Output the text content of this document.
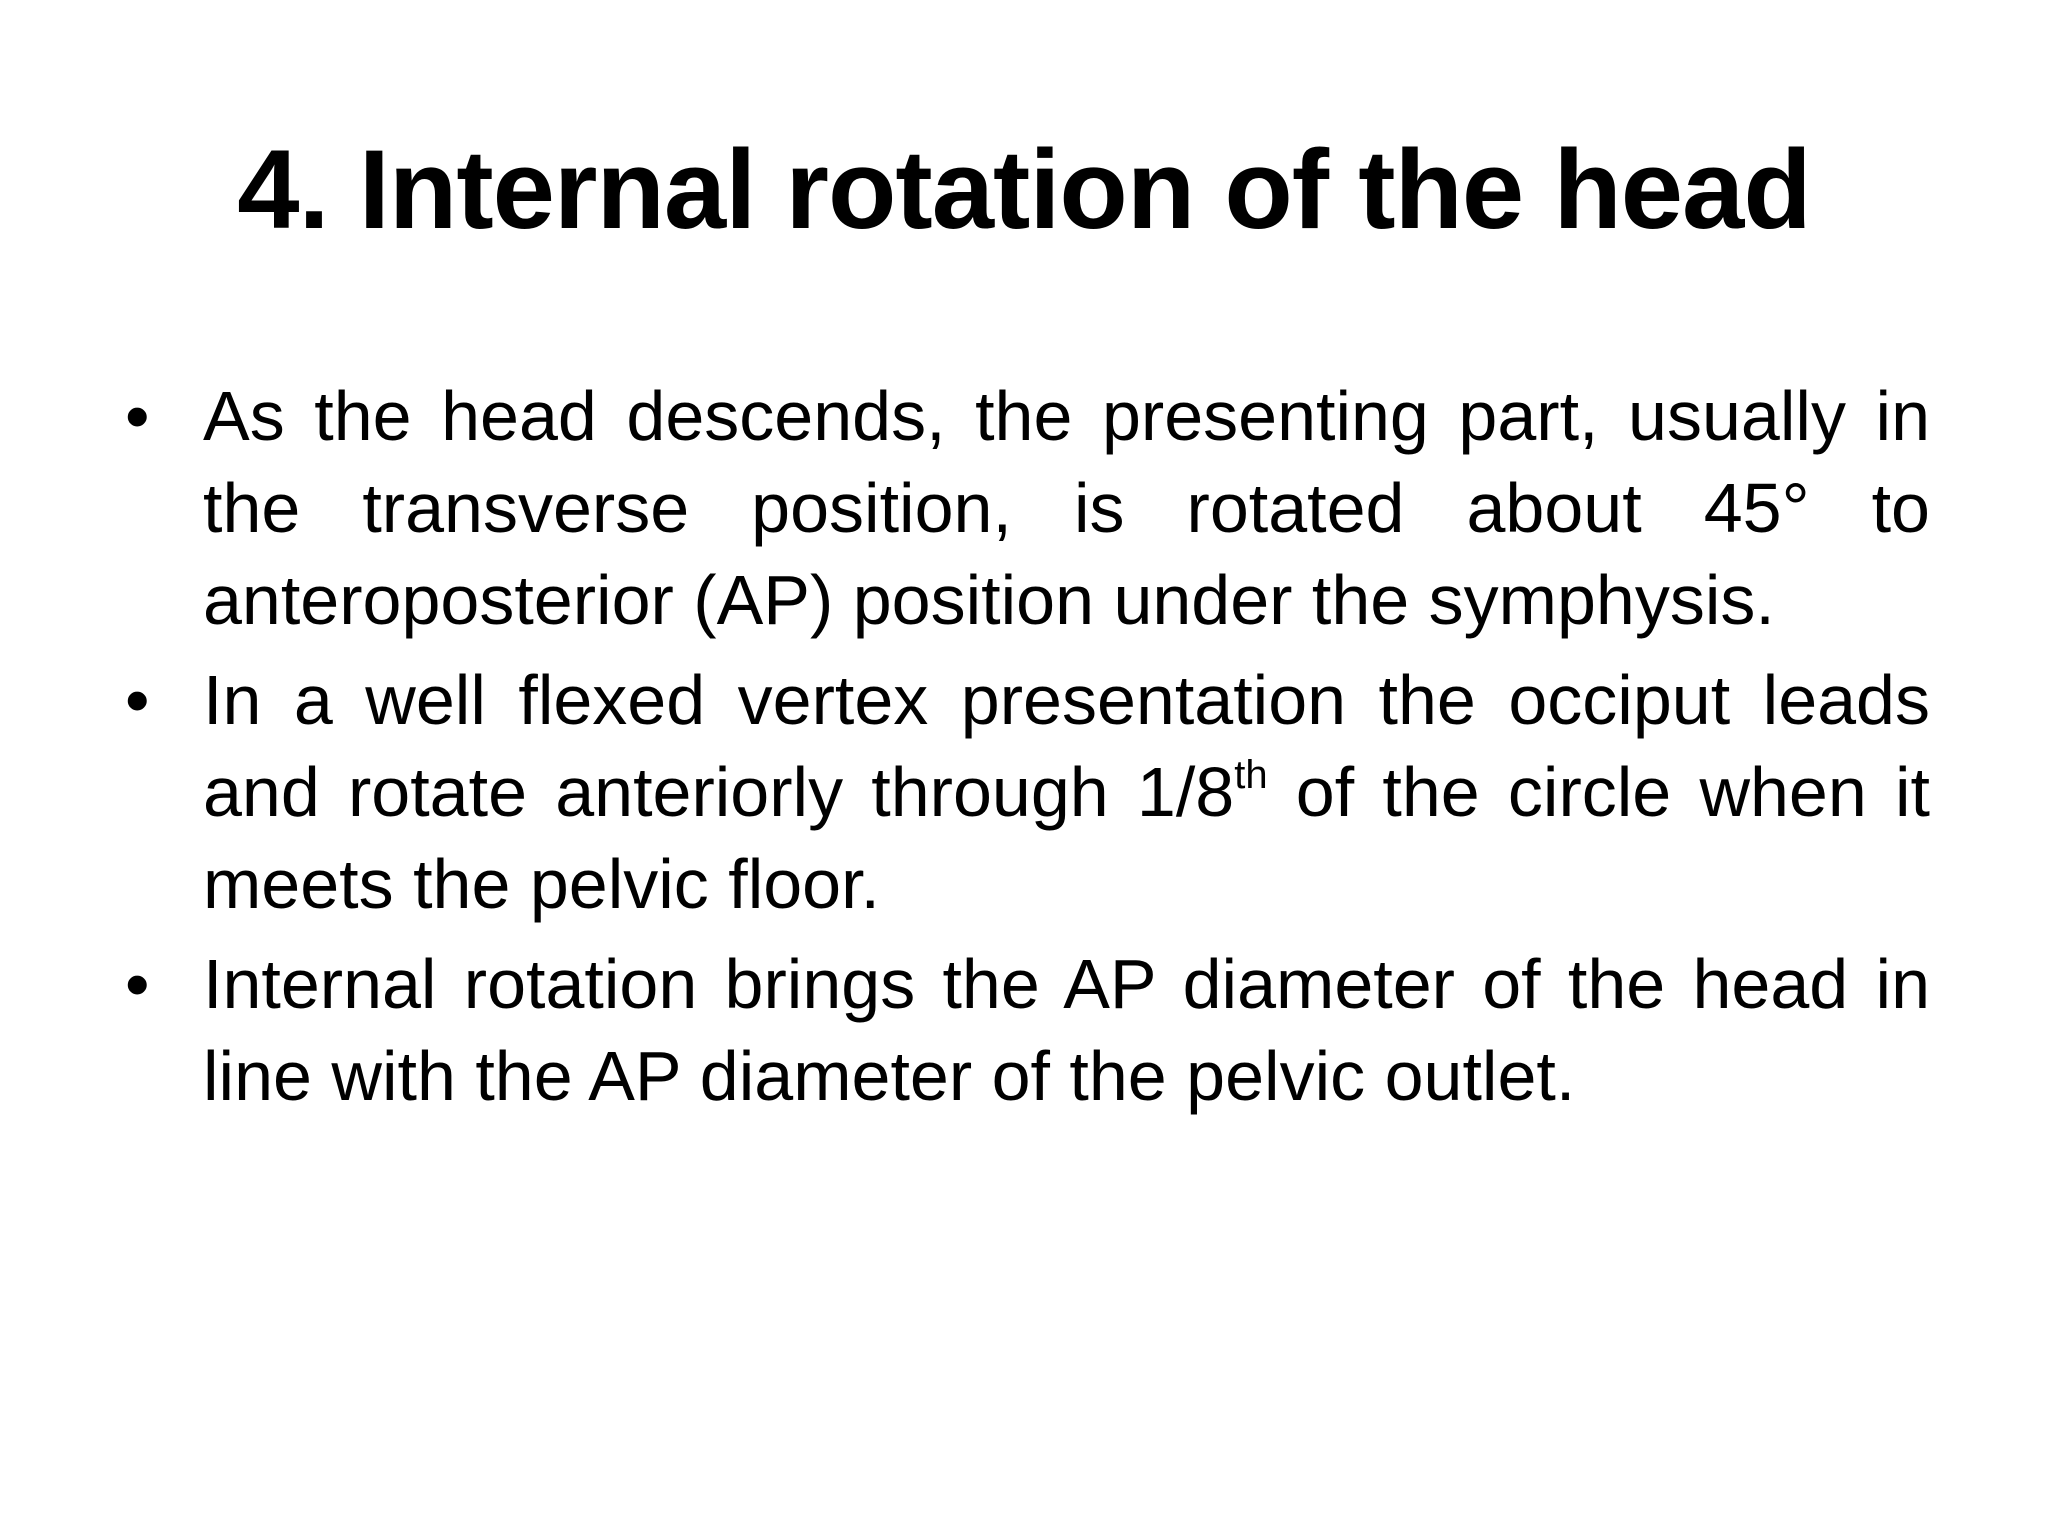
4. Internal rotation of the head
• As the head descends, the presenting part, usually in the transverse position, is rotated about 45° to anteroposterior (AP) position under the symphysis.
• In a well flexed vertex presentation the occiput leads and rotate anteriorly through 1/8th of the circle when it meets the pelvic floor.
• Internal rotation brings the AP diameter of the head in line with the AP diameter of the pelvic outlet.
